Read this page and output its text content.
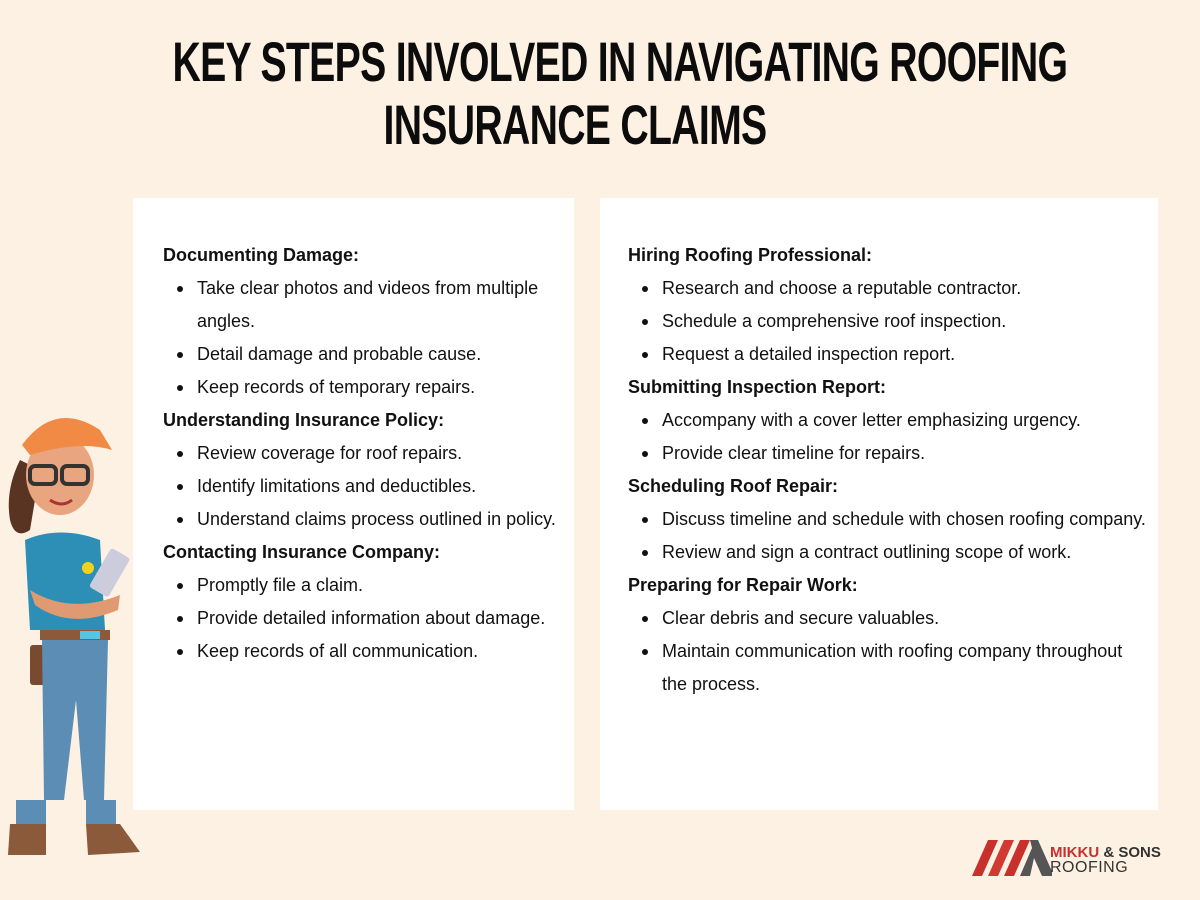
KEY STEPS INVOLVED IN NAVIGATING ROOFING
INSURANCE CLAIMS
Documenting Damage:
Take clear photos and videos from multiple angles.
Detail damage and probable cause.
Keep records of temporary repairs.
Understanding Insurance Policy:
Review coverage for roof repairs.
Identify limitations and deductibles.
Understand claims process outlined in policy.
Contacting Insurance Company:
Promptly file a claim.
Provide detailed information about damage.
Keep records of all communication.
Hiring Roofing Professional:
Research and choose a reputable contractor.
Schedule a comprehensive roof inspection.
Request a detailed inspection report.
Submitting Inspection Report:
Accompany with a cover letter emphasizing urgency.
Provide clear timeline for repairs.
Scheduling Roof Repair:
Discuss timeline and schedule with chosen roofing company.
Review and sign a contract outlining scope of work.
Preparing for Repair Work:
Clear debris and secure valuables.
Maintain communication with roofing company throughout the process.
MIKKU & SONS
ROOFING
